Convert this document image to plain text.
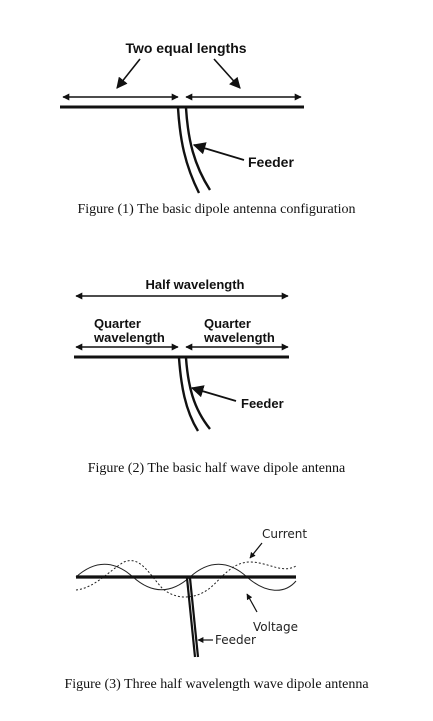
Two equal lengths
Feeder
Half wavelength
Quarter
wavelength
Quarter
wavelength
Feeder
Current
Voltage
Feeder
Figure (1) The basic dipole antenna configuration
Figure (2) The basic half wave dipole antenna
Figure (3) Three half wavelength wave dipole antenna
